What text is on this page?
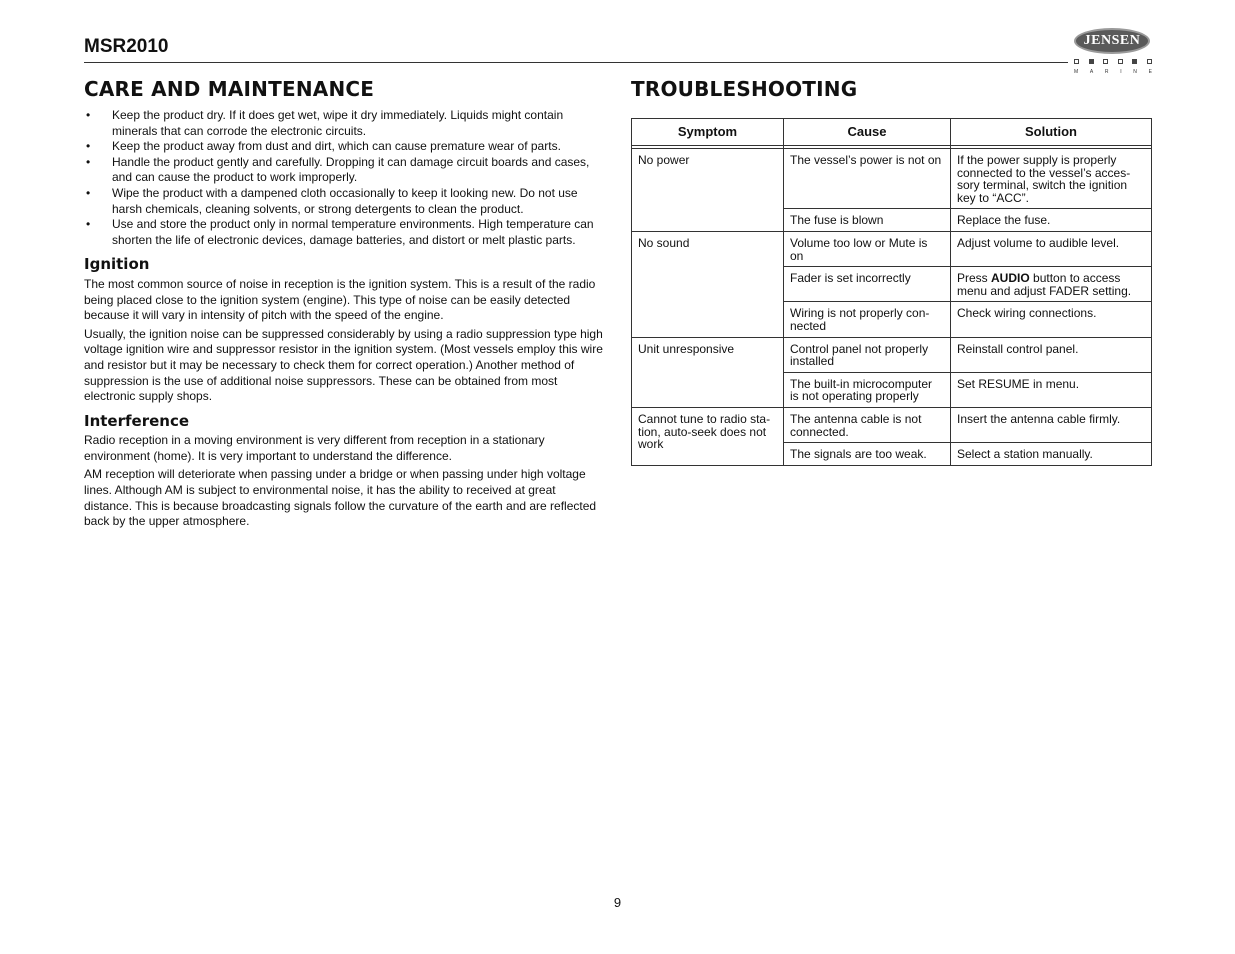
MSR2010	JENSEN
M A R I N E
CARE AND MAINTENANCE	TROUBLESHOOTING
• Keep the product dry. If it does get wet, wipe it dry immediately. Liquids might contain minerals that can corrode the electronic circuits.
• Keep the product away from dust and dirt, which can cause premature wear of parts.
• Handle the product gently and carefully. Dropping it can damage circuit boards and cases, and can cause the product to work improperly.
• Wipe the product with a dampened cloth occasionally to keep it looking new. Do not use harsh chemicals, cleaning solvents, or strong detergents to clean the product.
• Use and store the product only in normal temperature environments. High temperature can shorten the life of electronic devices, damage batteries, and distort or melt plastic parts.
Ignition

The most common source of noise in reception is the ignition system. This is a result of the radio being placed close to the ignition system (engine). This type of noise can be easily detected because it will vary in intensity of pitch with the speed of the engine.

Usually, the ignition noise can be suppressed considerably by using a radio suppression type high voltage ignition wire and suppressor resistor in the ignition system. (Most vessels employ this wire and resistor but it may be necessary to check them for correct operation.) Another method of suppression is the use of additional noise suppressors. These can be obtained from most electronic supply shops.

Interference

Radio reception in a moving environment is very different from reception in a stationary environment (home). It is very important to understand the difference.

AM reception will deteriorate when passing under a bridge or when passing under high voltage lines. Although AM is subject to environmental noise, it has the ability to received at great distance. This is because broadcasting signals follow the curvature of the earth and are reflected back by the upper atmosphere.

Symptom	Cause	Solution

No power	The vessel’s power is not on	If the power supply is properly connected to the vessel’s acces-sory terminal, switch the ignition key to “ACC”.
	The fuse is blown	Replace the fuse.
No sound	Volume too low or Mute is on	Adjust volume to audible level.
	Fader is set incorrectly	Press AUDIO button to access menu and adjust FADER setting.
	Wiring is not properly con-nected	Check wiring connections.
Unit unresponsive	Control panel not properly installed	Reinstall control panel.
	The built-in microcomputer is not operating properly	Set RESUME in menu.
Cannot tune to radio sta-tion, auto-seek does not work	The antenna cable is not connected.	Insert the antenna cable firmly.
	The signals are too weak.	Select a station manually.
9
